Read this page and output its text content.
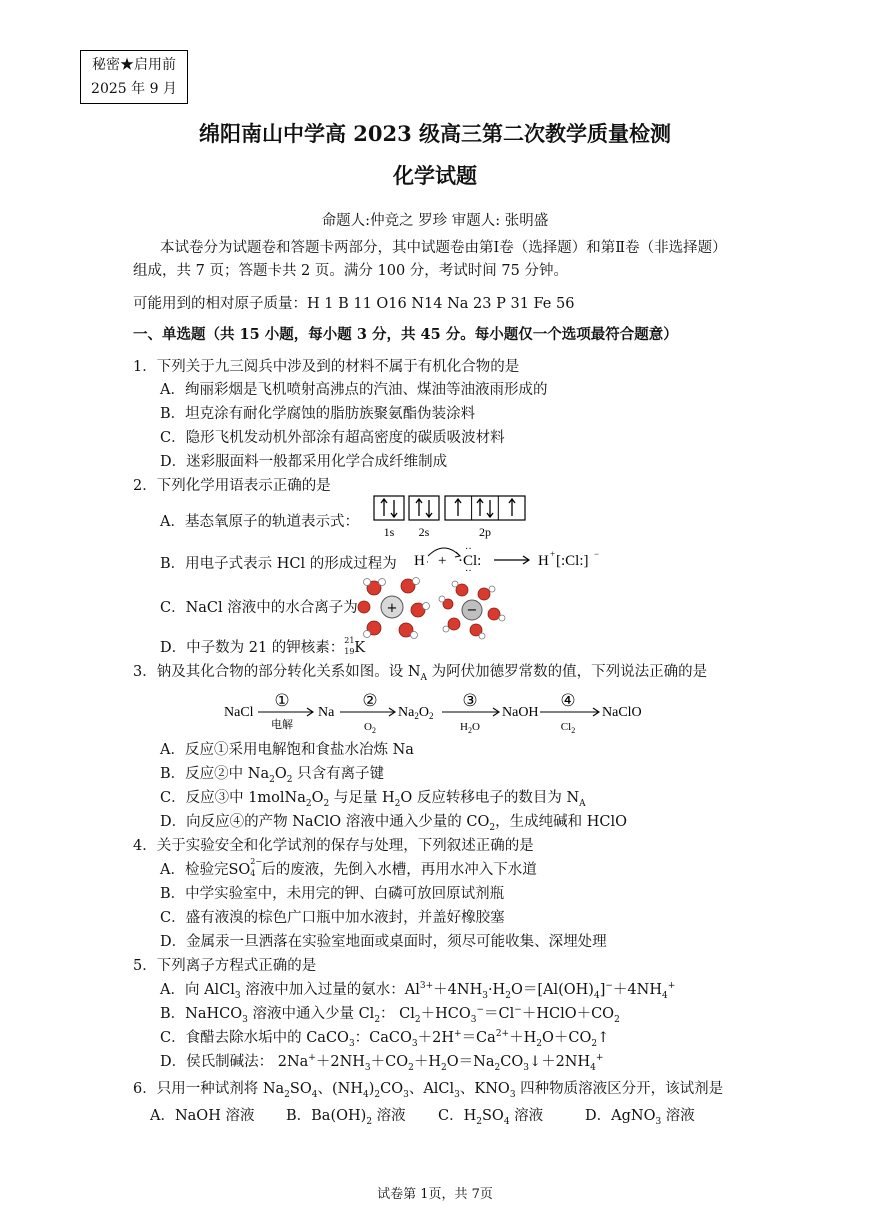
秘密★启用前
2025 年 9 月
绵阳南山中学高 2023 级高三第二次教学质量检测
化学试题
命题人:仲竞之 罗珍 审题人: 张明盛
本试卷分为试题卷和答题卡两部分，其中试题卷由第Ⅰ卷（选择题）和第Ⅱ卷（非选择题）
组成，共 7 页；答题卡共 2 页。满分 100 分，考试时间 75 分钟。
可能用到的相对原子质量：H 1 B 11 O16 N14 Na 23 P 31 Fe 56
一、单选题（共 15 小题，每小题 3 分，共 45 分。每小题仅一个选项最符合题意）
1．下列关于九三阅兵中涉及到的材料不属于有机化合物的是
A．绚丽彩烟是飞机喷射高沸点的汽油、煤油等油液雨形成的
B．坦克涂有耐化学腐蚀的脂肪族聚氨酯伪装涂料
C．隐形飞机发动机外部涂有超高密度的碳质吸波材料
D．迷彩服面料一般都采用化学合成纤维制成
2．下列化学用语表示正确的是
A．基态氧原子的轨道表示式：
1s 2s	2p
B．用电子式表示 HCl 的形成过程为 H · + ·Cl:
··
··
H + [:Cl:] −
C．NaCl 溶液中的水合离子为 +	−
D．中子数为 21 的钾核素： 21
19 K
3．钠及其化合物的部分转化关系如图。设 $N_A$ 为阿伏加德罗常数的值，下列说法正确的是
NaCl	Na	$Na_2O_2$	NaOH	NaClO
①	②	③	④
电解	$O_2$	$H_2O$	$Cl_2$
A．反应①采用电解饱和食盐水冶炼 Na
B．反应②中 $Na_2O_2$ 只含有离子键
C．反应③中 $1molNa_2O_2$ 与足量 $H_2O$ 反应转移电子的数目为 $N_A$
D．向反应④的产物 NaClO 溶液中通入少量的 $CO_2$，生成纯碱和 HClO
4．关于实验安全和化学试剂的保存与处理，下列叙述正确的是
A．检验完SO
2−
4 后的废液，先倒入水槽，再用水冲入下水道
B．中学实验室中，未用完的钾、白磷可放回原试剂瓶
C．盛有液溴的棕色广口瓶中加水液封，并盖好橡胶塞
D．金属汞一旦洒落在实验室地面或桌面时，须尽可能收集、深埋处理
5．下列离子方程式正确的是
A．向 AlCl$_3$ 溶液中加入过量的氨水：$Al^{3+}+4NH_3\cdot H_2O=[Al(OH)_4]^-+4NH_4^+$
B．NaHCO$_3$ 溶液中通入少量 $Cl_2$： $Cl_2+HCO_3^-=Cl^-+HClO+CO_2$
C．食醋去除水垢中的 CaCO$_3$：$CaCO_3+2H^+=Ca^{2+}+H_2O+CO_2↑$
D．侯氏制碱法： $2Na^++2NH_3+CO_2+H_2O=Na_2CO_3↓+2NH_4^+$
6．只用一种试剂将 $Na_2SO_4$、$(NH_4)_2CO_3$、AlCl$_3$、$KNO_3$ 四种物质溶液区分开，该试剂是
A．NaOH 溶液 B．$Ba(OH)_2$ 溶液 C．$H_2SO_4$ 溶液	D．AgNO$_3$ 溶液
试卷第 1页，共 7页
